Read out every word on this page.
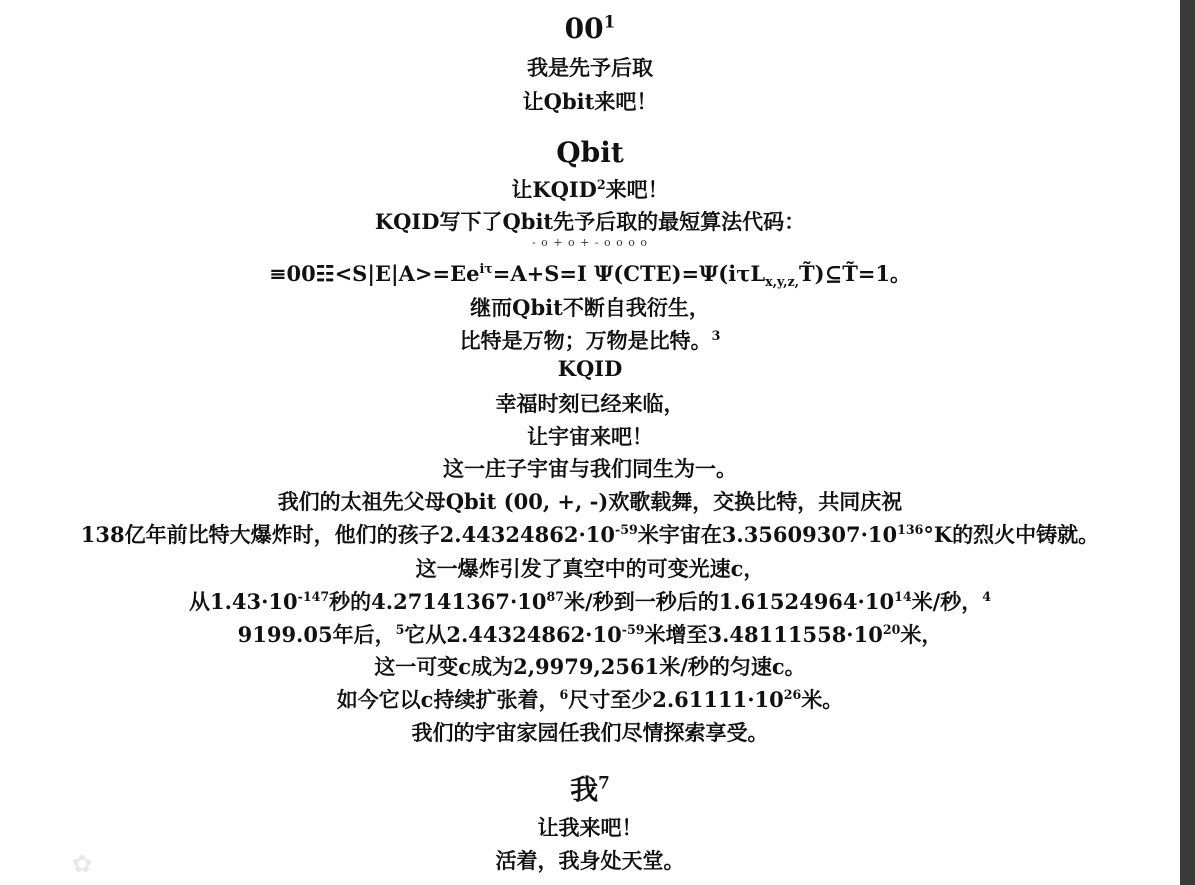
$00^1$
我是先予后取
让Qbit来吧！
Qbit
让KQID$^2$来吧！
KQID写下了Qbit先予后取的最短算法代码：
- o + o + - o o o o
$\equiv 00☷<S|E|A>=Ee^{i\tau}=A+S=I$ Ψ(CTE)=Ψ(iτL$_{x,y,z,}$T̃)⊆T̃=1。
继而Qbit不断自我衍生，
比特是万物；万物是比特。$^3$
KQID
幸福时刻已经来临，
让宇宙来吧！
这一庄子宇宙与我们同生为一。
我们的太祖先父母Qbit (00, +, -)欢歌载舞，交换比特，共同庆祝
138亿年前比特大爆炸时，他们的孩子$2.44324862\cdot 10^{-59}$米宇宙在$3.35609307\cdot 10^{136}^\circ K$的烈火中铸就。
这一爆炸引发了真空中的可变光速c，
从$1.43\cdot 10^{-147}$秒的$4.27141367\cdot 10^{87}$米/秒到一秒后的$1.61524964\cdot 10^{14}$米/秒，$^4$
9199.05年后，$^5$它从$2.44324862\cdot 10^{-59}$米增至$3.48111558\cdot 10^{20}$米，
这一可变c成为2,9979,2561米/秒的匀速c。
如今它以c持续扩张着，$^6$尺寸至少$2.61111\cdot 10^{26}$米。
我们的宇宙家园任我们尽情探索享受。
我$^7$
让我来吧！
活着，我身处天堂。
✿
